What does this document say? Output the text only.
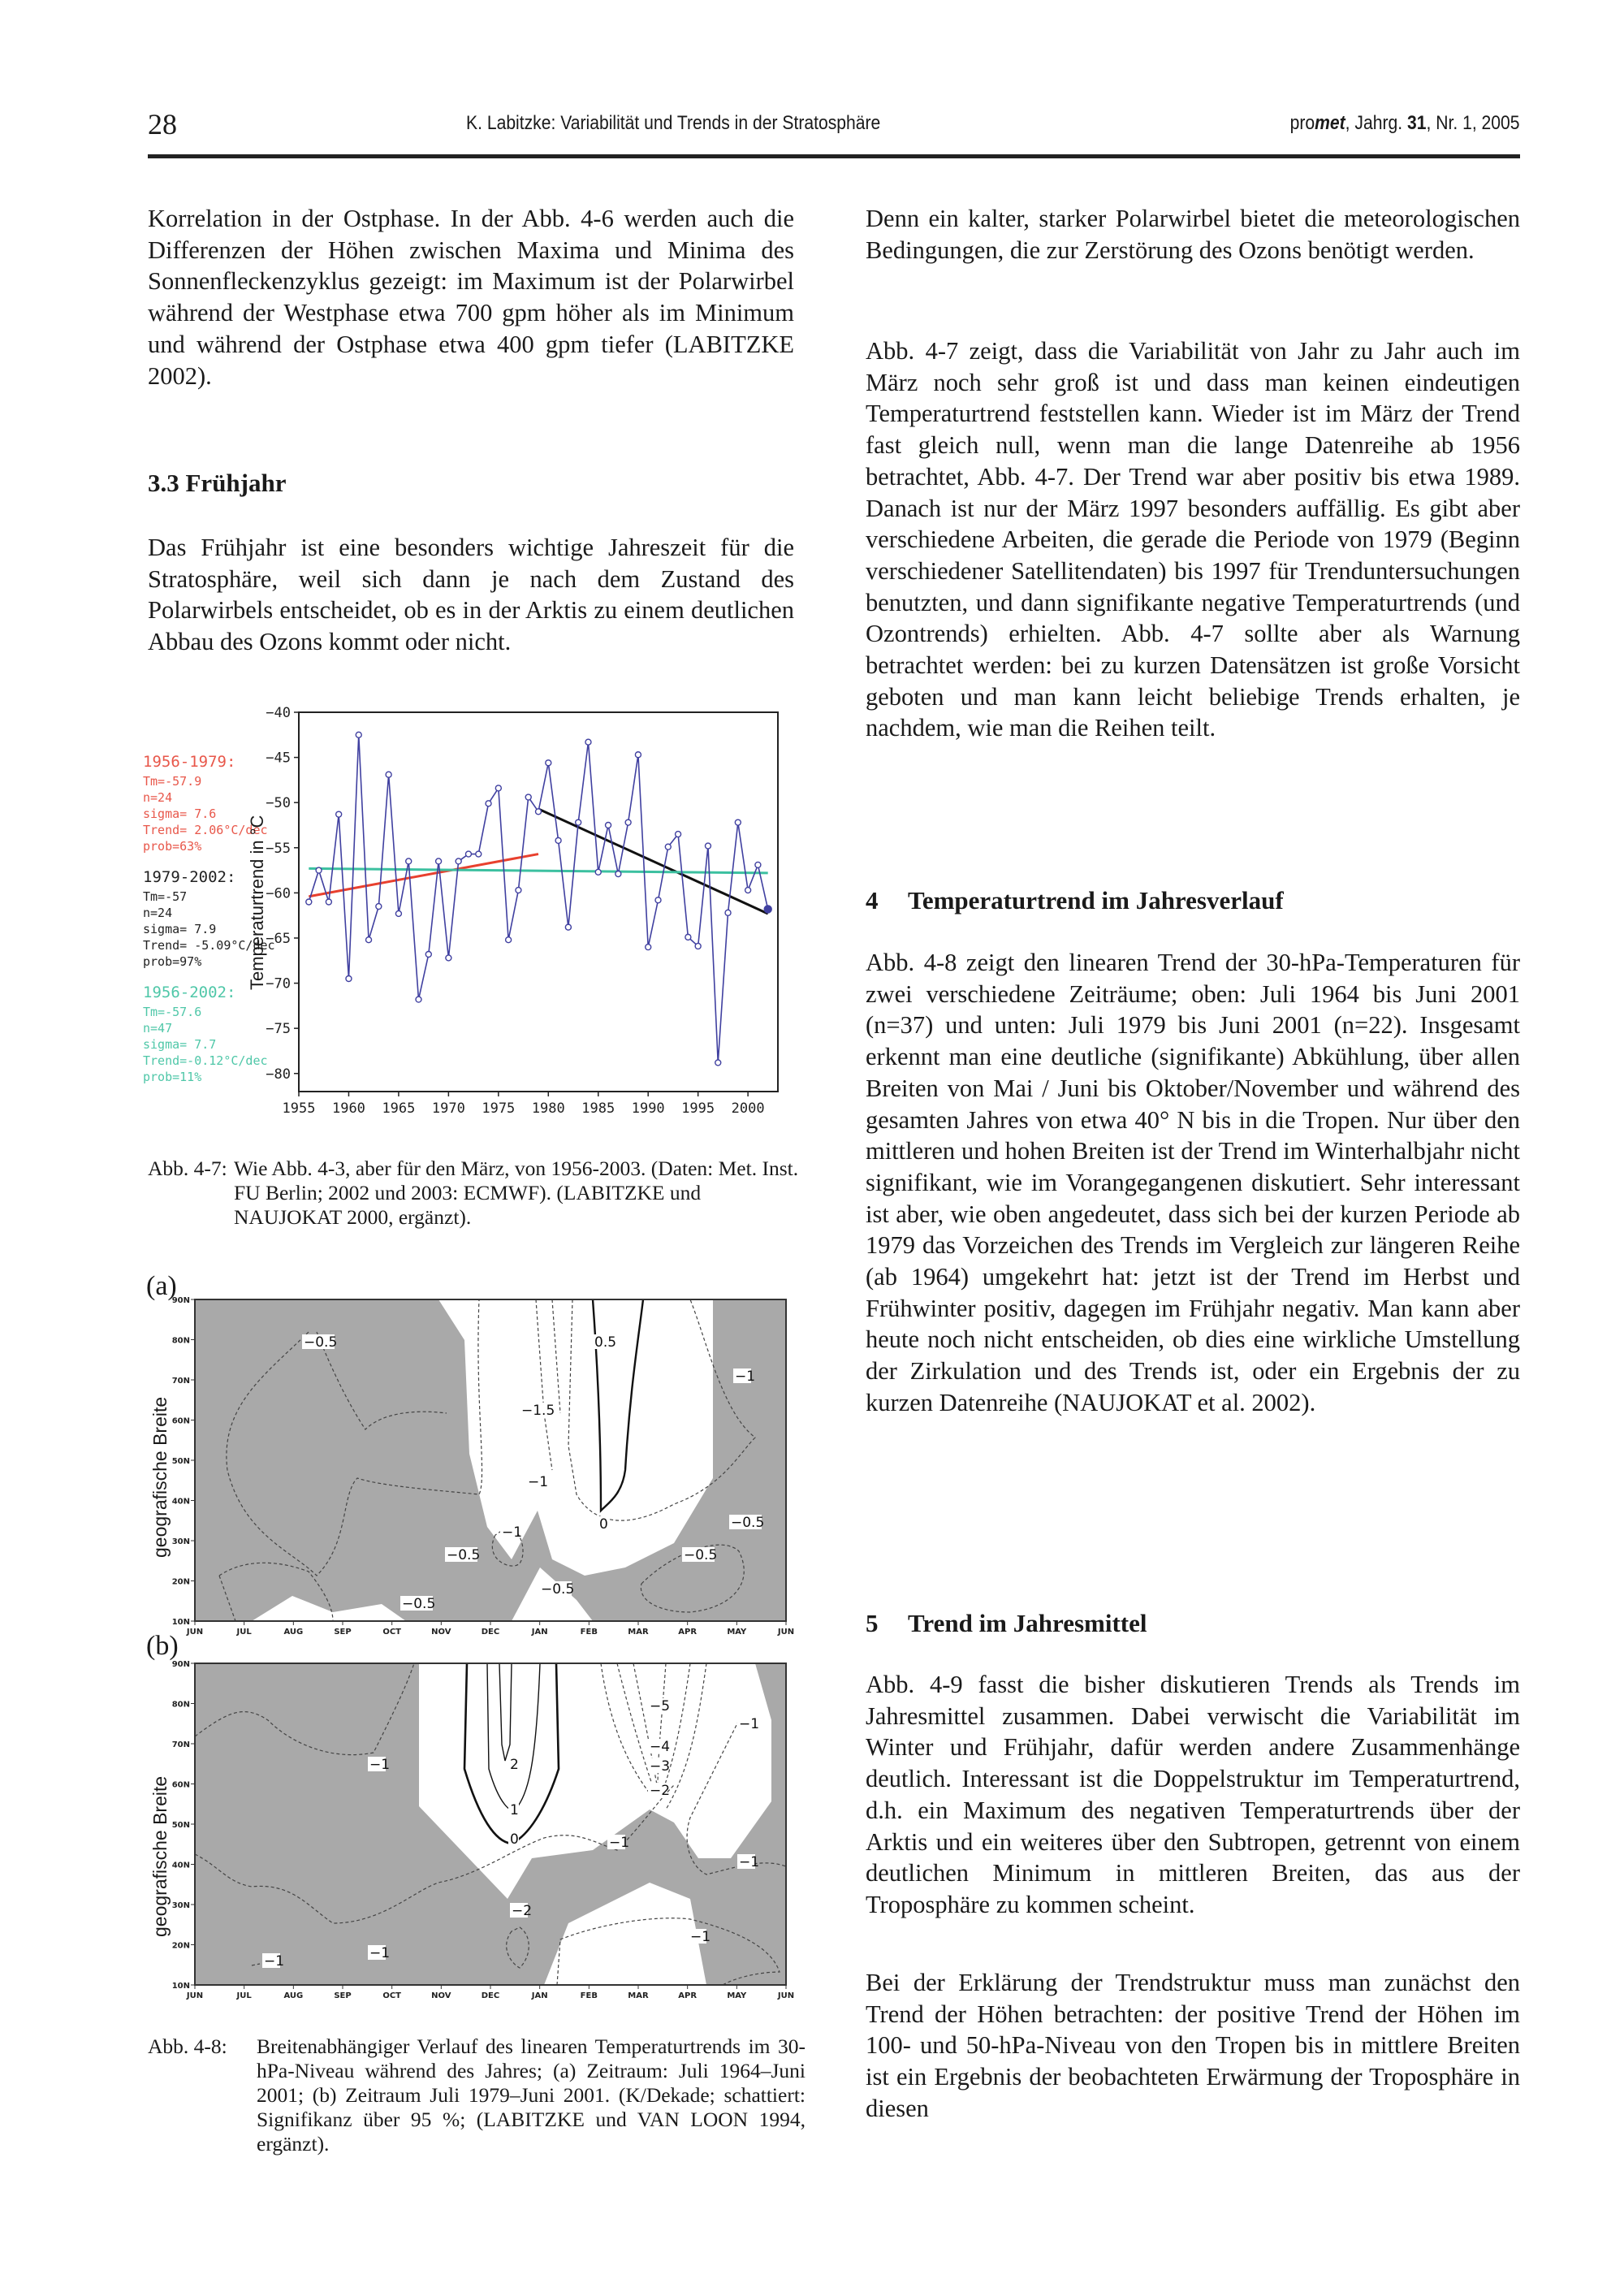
28	K. Labitzke: Variabilität und Trends in der Stratosphäre	promet, Jahrg. 31, Nr. 1, 2005

Korrelation in der Ostphase. In der Abb. 4-6 werden auch die Differenzen der Höhen zwischen Maxima und Minima des Sonnenfleckenzyklus gezeigt: im Maximum ist der Polarwirbel während der Westphase etwa 700 gpm höher als im Minimum und während der Ostphase etwa 400 gpm tiefer (LABITZKE 2002).

3.3 Frühjahr

Das Frühjahr ist eine besonders wichtige Jahreszeit für die Stratosphäre, weil sich dann je nach dem Zustand des Polarwirbels entscheidet, ob es in der Arktis zu einem deutlichen Abbau des Ozons kommt oder nicht.

1956-1979:
Tm=-57.9
n=24
sigma= 7.6
Trend= 2.06°C/dec
prob=63%
1979-2002:
Tm=-57
n=24
sigma= 7.9
Trend= -5.09°C/dec
prob=97%
1956-2002:
Tm=-57.6
n=47
sigma= 7.7
Trend=-0.12°C/dec
prob=11%
Temperaturtrend in °C
−40
−45
−50
−55
−60
−65
−70
−75
−80
1955 1960 1965 1970 1975 1980 1985 1990 1995 2000
Abb. 4-7: Wie Abb. 4-3, aber für den März, von 1956-2003. (Daten: Met. Inst. FU Berlin; 2002 und 2003: ECMWF). (LABITZKE und NAUJOKAT 2000, ergänzt).
(a)
geografische Breite
90N
80N
70N
60N
50N
40N
30N
20N
10N
JUN	JUL	AUG	SEP	OCT	NOV	DEC	JAN	FEB	MAR	APR	MAY	JUN
−0.5
−1.5
0.5
−1
−1
0
−0.5	−0.5
−1
−0.5
−0.5
−0.5
(b)
geografische Breite
90N
80N
70N
60N
50N
40N
30N
20N
10N
JUN	JUL	AUG	SEP	OCT	NOV	DEC	JAN	FEB	MAR	APR	MAY	JUN
−5
−4
−3
−2
2
1
0
−1
−1
−1
−1
−2
−1
−1
−1
Abb. 4-8: Breitenabhängiger Verlauf des linearen Temperaturtrends im 30-hPa-Niveau während des Jahres; (a) Zeitraum: Juli 1964–Juni 2001; (b) Zeitraum Juli 1979–Juni 2001. (K/Dekade; schattiert: Signifikanz über 95 %; (LABITZKE und VAN LOON 1994, ergänzt).

Denn ein kalter, starker Polarwirbel bietet die meteorologischen Bedingungen, die zur Zerstörung des Ozons benötigt werden.

Abb. 4-7 zeigt, dass die Variabilität von Jahr zu Jahr auch im März noch sehr groß ist und dass man keinen eindeutigen Temperaturtrend feststellen kann. Wieder ist im März der Trend fast gleich null, wenn man die lange Datenreihe ab 1956 betrachtet, Abb. 4-7. Der Trend war aber positiv bis etwa 1989. Danach ist nur der März 1997 besonders auffällig. Es gibt aber verschiedene Arbeiten, die gerade die Periode von 1979 (Beginn verschiedener Satellitendaten) bis 1997 für Trenduntersuchungen benutzten, und dann signifikante negative Temperaturtrends (und Ozontrends) erhielten. Abb. 4-7 sollte aber als Warnung betrachtet werden: bei zu kurzen Datensätzen ist große Vorsicht geboten und man kann leicht beliebige Trends erhalten, je nachdem, wie man die Reihen teilt.

4 Temperaturtrend im Jahresverlauf

Abb. 4-8 zeigt den linearen Trend der 30-hPa-Temperaturen für zwei verschiedene Zeiträume; oben: Juli 1964 bis Juni 2001 (n=37) und unten: Juli 1979 bis Juni 2001 (n=22). Insgesamt erkennt man eine deutliche (signifikante) Abkühlung, über allen Breiten von Mai / Juni bis Oktober/November und während des gesamten Jahres von etwa 40° N bis in die Tropen. Nur über den mittleren und hohen Breiten ist der Trend im Winterhalbjahr nicht signifikant, wie im Vorangegangenen diskutiert. Sehr interessant ist aber, wie oben angedeutet, dass sich bei der kurzen Periode ab 1979 das Vorzeichen des Trends im Vergleich zur längeren Reihe (ab 1964) umgekehrt hat: jetzt ist der Trend im Herbst und Frühwinter positiv, dagegen im Frühjahr negativ. Man kann aber heute noch nicht entscheiden, ob dies eine wirkliche Umstellung der Zirkulation und des Trends ist, oder ein Ergebnis der zu kurzen Datenreihe (NAUJOKAT et al. 2002).

5 Trend im Jahresmittel

Abb. 4-9 fasst die bisher diskutieren Trends als Trends im Jahresmittel zusammen. Dabei verwischt die Variabilität im Winter und Frühjahr, dafür werden andere Zusammenhänge deutlich. Interessant ist die Doppelstruktur im Temperaturtrend, d.h. ein Maximum des negativen Temperaturtrends über der Arktis und ein weiteres über den Subtropen, getrennt von einem deutlichen Minimum in mittleren Breiten, das aus der Troposphäre zu kommen scheint.

Bei der Erklärung der Trendstruktur muss man zunächst den Trend der Höhen betrachten: der positive Trend der Höhen im 100- und 50-hPa-Niveau von den Tropen bis in mittlere Breiten ist ein Ergebnis der beobachteten Erwärmung der Troposphäre in diesen
